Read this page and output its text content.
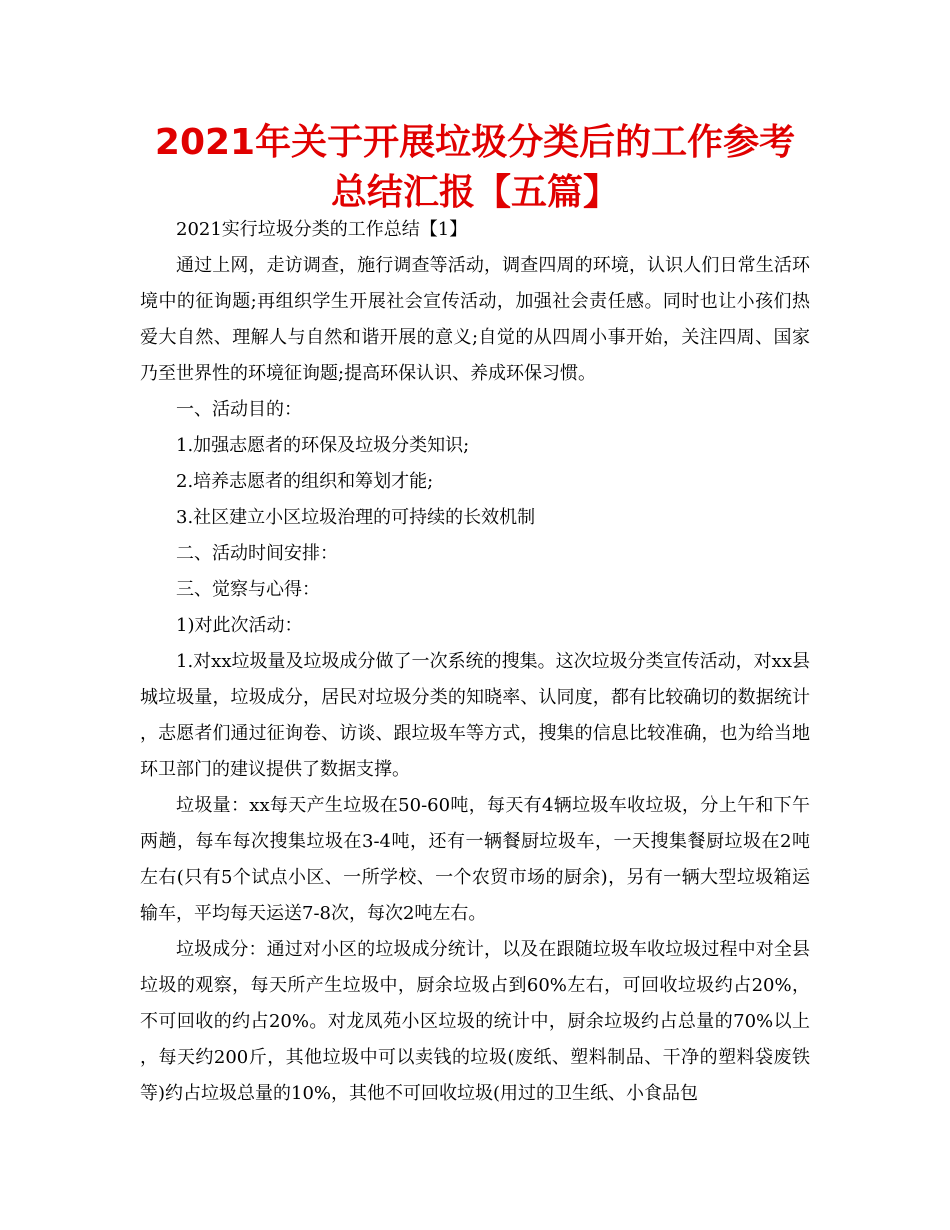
2021年关于开展垃圾分类后的工作参考总结汇报【五篇】

2021实行垃圾分类的工作总结【1】

通过上网，走访调查，施行调查等活动，调查四周的环境，认识人们日常生活环境中的征询题;再组织学生开展社会宣传活动，加强社会责任感。同时也让小孩们热爱大自然、理解人与自然和谐开展的意义;自觉的从四周小事开始，关注四周、国家乃至世界性的环境征询题;提高环保认识、养成环保习惯。

一、活动目的：

1.加强志愿者的环保及垃圾分类知识;

2.培养志愿者的组织和筹划才能;

3.社区建立小区垃圾治理的可持续的长效机制

二、活动时间安排：

三、觉察与心得：

1)对此次活动：

1.对xx垃圾量及垃圾成分做了一次系统的搜集。这次垃圾分类宣传活动，对xx县城垃圾量，垃圾成分，居民对垃圾分类的知晓率、认同度，都有比较确切的数据统计，志愿者们通过征询卷、访谈、跟垃圾车等方式，搜集的信息比较准确，也为给当地环卫部门的建议提供了数据支撑。

垃圾量：xx每天产生垃圾在50-60吨，每天有4辆垃圾车收垃圾，分上午和下午两趟，每车每次搜集垃圾在3-4吨，还有一辆餐厨垃圾车，一天搜集餐厨垃圾在2吨左右(只有5个试点小区、一所学校、一个农贸市场的厨余)，另有一辆大型垃圾箱运输车，平均每天运送7-8次，每次2吨左右。

垃圾成分：通过对小区的垃圾成分统计，以及在跟随垃圾车收垃圾过程中对全县垃圾的观察，每天所产生垃圾中，厨余垃圾占到60%左右，可回收垃圾约占20%，不可回收的约占20%。对龙凤苑小区垃圾的统计中，厨余垃圾约占总量的70%以上，每天约200斤，其他垃圾中可以卖钱的垃圾(废纸、塑料制品、干净的塑料袋废铁等)约占垃圾总量的10%，其他不可回收垃圾(用过的卫生纸、小食品包
